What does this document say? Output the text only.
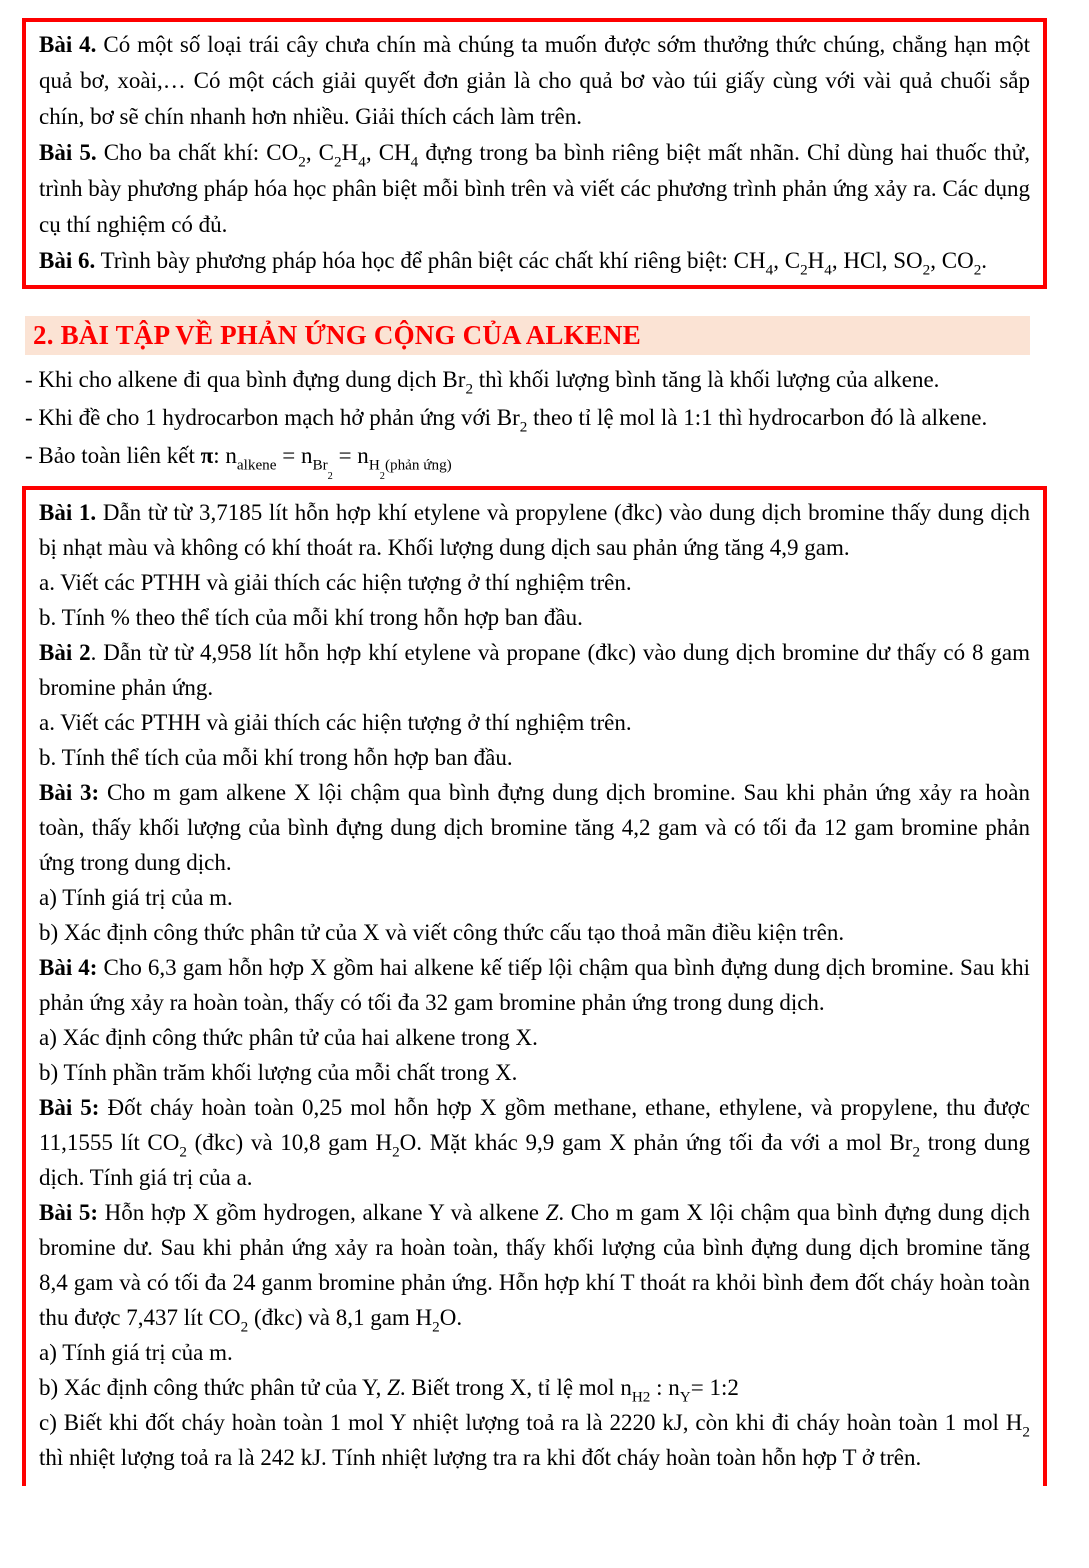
Bài 4. Có một số loại trái cây chưa chín mà chúng ta muốn được sớm thưởng thức chúng, chẳng hạn một quả bơ, xoài,… Có một cách giải quyết đơn giản là cho quả bơ vào túi giấy cùng với vài quả chuối sắp chín, bơ sẽ chín nhanh hơn nhiều. Giải thích cách làm trên.

Bài 5. Cho ba chất khí: $CO_2$, $C_2H_4$, $CH_4$ đựng trong ba bình riêng biệt mất nhãn. Chỉ dùng hai thuốc thử, trình bày phương pháp hóa học phân biệt mỗi bình trên và viết các phương trình phản ứng xảy ra. Các dụng cụ thí nghiệm có đủ.

Bài 6. Trình bày phương pháp hóa học để phân biệt các chất khí riêng biệt: $CH_4$, $C_2H_4$, HCl, $SO_2$, $CO_2$.

2. BÀI TẬP VỀ PHẢN ỨNG CỘNG CỦA ALKENE

- Khi cho alkene đi qua bình đựng dung dịch $Br_2$ thì khối lượng bình tăng là khối lượng của alkene.

- Khi đề cho 1 hydrocarbon mạch hở phản ứng với $Br_2$ theo tỉ lệ mol là 1:1 thì hydrocarbon đó là alkene.

- Bảo toàn liên kết π: $n_{alkene} = n_{Br2} = n_{H2(phản ứng)}$

Bài 1. Dẫn từ từ 3,7185 lít hỗn hợp khí etylene và propylene (đkc) vào dung dịch bromine thấy dung dịch bị nhạt màu và không có khí thoát ra. Khối lượng dung dịch sau phản ứng tăng 4,9 gam.

a. Viết các PTHH và giải thích các hiện tượng ở thí nghiệm trên.

b. Tính % theo thể tích của mỗi khí trong hỗn hợp ban đầu.

Bài 2. Dẫn từ từ 4,958 lít hỗn hợp khí etylene và propane (đkc) vào dung dịch bromine dư thấy có 8 gam bromine phản ứng.

a. Viết các PTHH và giải thích các hiện tượng ở thí nghiệm trên.

b. Tính thể tích của mỗi khí trong hỗn hợp ban đầu.

Bài 3: Cho m gam alkene X lội chậm qua bình đựng dung dịch bromine. Sau khi phản ứng xảy ra hoàn toàn, thấy khối lượng của bình đựng dung dịch bromine tăng 4,2 gam và có tối đa 12 gam bromine phản ứng trong dung dịch.

a) Tính giá trị của m.

b) Xác định công thức phân tử của X và viết công thức cấu tạo thoả mãn điều kiện trên.

Bài 4: Cho 6,3 gam hỗn hợp X gồm hai alkene kế tiếp lội chậm qua bình đựng dung dịch bromine. Sau khi phản ứng xảy ra hoàn toàn, thấy có tối đa 32 gam bromine phản ứng trong dung dịch.

a) Xác định công thức phân tử của hai alkene trong X.

b) Tính phần trăm khối lượng của mỗi chất trong X.

Bài 5: Đốt cháy hoàn toàn 0,25 mol hỗn hợp X gồm methane, ethane, ethylene, và propylene, thu được 11,1555 lít $CO_2$ (đkc) và 10,8 gam $H_2O$. Mặt khác 9,9 gam X phản ứng tối đa với a mol $Br_2$ trong dung dịch. Tính giá trị của a.

Bài 5: Hỗn hợp X gồm hydrogen, alkane Y và alkene Z. Cho m gam X lội chậm qua bình đựng dung dịch bromine dư. Sau khi phản ứng xảy ra hoàn toàn, thấy khối lượng của bình đựng dung dịch bromine tăng 8,4 gam và có tối đa 24 ganm bromine phản ứng. Hỗn hợp khí T thoát ra khỏi bình đem đốt cháy hoàn toàn thu được 7,437 lít $CO_2$ (đkc) và 8,1 gam $H_2O$.

a) Tính giá trị của m.

b) Xác định công thức phân tử của Y, Z. Biết trong X, tỉ lệ mol $n_{H2}$ : $n_Y=$ 1:2

c) Biết khi đốt cháy hoàn toàn 1 mol Y nhiệt lượng toả ra là 2220 kJ, còn khi đi cháy hoàn toàn 1 mol $H_2$ thì nhiệt lượng toả ra là 242 kJ. Tính nhiệt lượng tra ra khi đốt cháy hoàn toàn hỗn hợp T ở trên.
